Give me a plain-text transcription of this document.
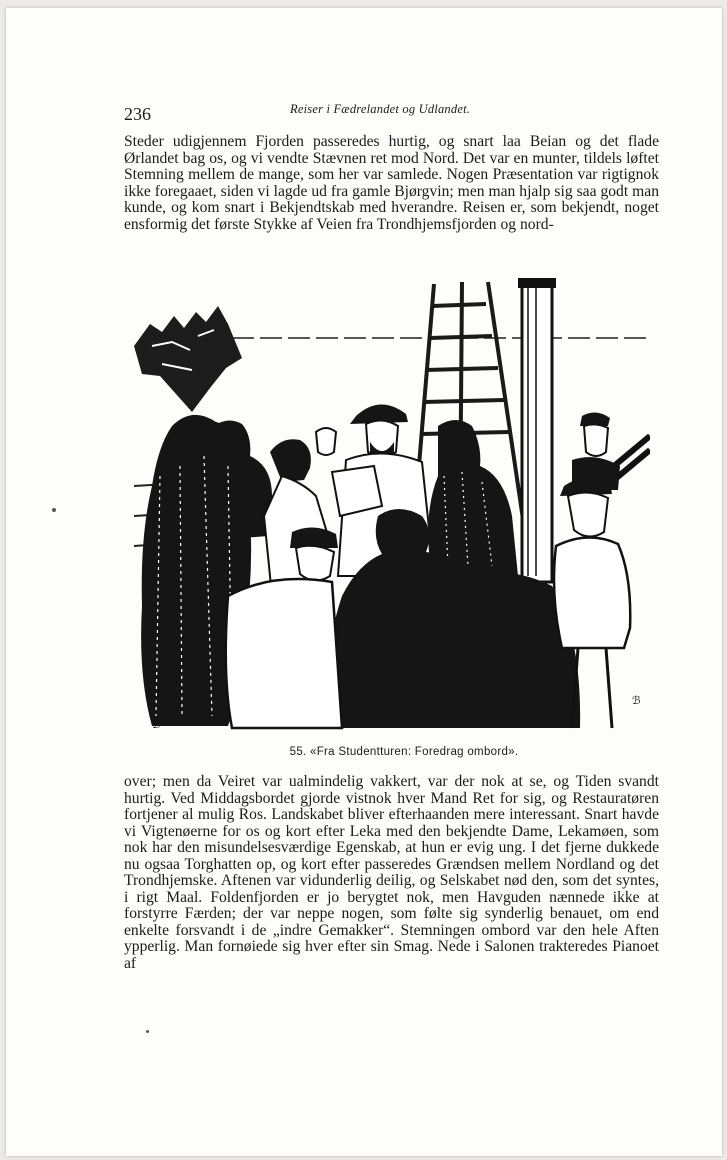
236	Reiser i Fædrelandet og Udlandet.

Steder udigjennem Fjorden passeredes hurtig, og snart laa Beian og det flade Ørlandet bag os, og vi vendte Stævnen ret mod Nord. Det var en munter, tildels løftet Stemning mellem de mange, som her var samlede. Nogen Præsentation var rigtignok ikke foregaaet, siden vi lagde ud fra gamle Bjørgvin; men man hjalp sig saa godt man kunde, og kom snart i Bekjendtskab med hverandre. Reisen er, som bekjendt, noget ensformig det første Stykke af Veien fra Trondhjemsfjorden og nord-

ℬ
ℬ
55. «Fra Studentturen: Foredrag ombord».

over; men da Veiret var ualmindelig vakkert, var der nok at se, og Tiden svandt hurtig. Ved Middagsbordet gjorde vistnok hver Mand Ret for sig, og Restauratøren fortjener al mulig Ros. Landskabet bliver efterhaanden mere interessant. Snart havde vi Vigtenøerne for os og kort efter Leka med den bekjendte Dame, Lekamøen, som nok har den misundelsesværdige Egenskab, at hun er evig ung. I det fjerne dukkede nu ogsaa Torghatten op, og kort efter passeredes Grændsen mellem Nordland og det Trondhjemske. Aftenen var vidunderlig deilig, og Selskabet nød den, som det syntes, i rigt Maal. Foldenfjorden er jo berygtet nok, men Havguden nænnede ikke at forstyrre Færden; der var neppe nogen, som følte sig synderlig benauet, om end enkelte forsvandt i de „indre Gemakker“. Stemningen ombord var den hele Aften ypperlig. Man fornøiede sig hver efter sin Smag. Nede i Salonen trakteredes Pianoet af
